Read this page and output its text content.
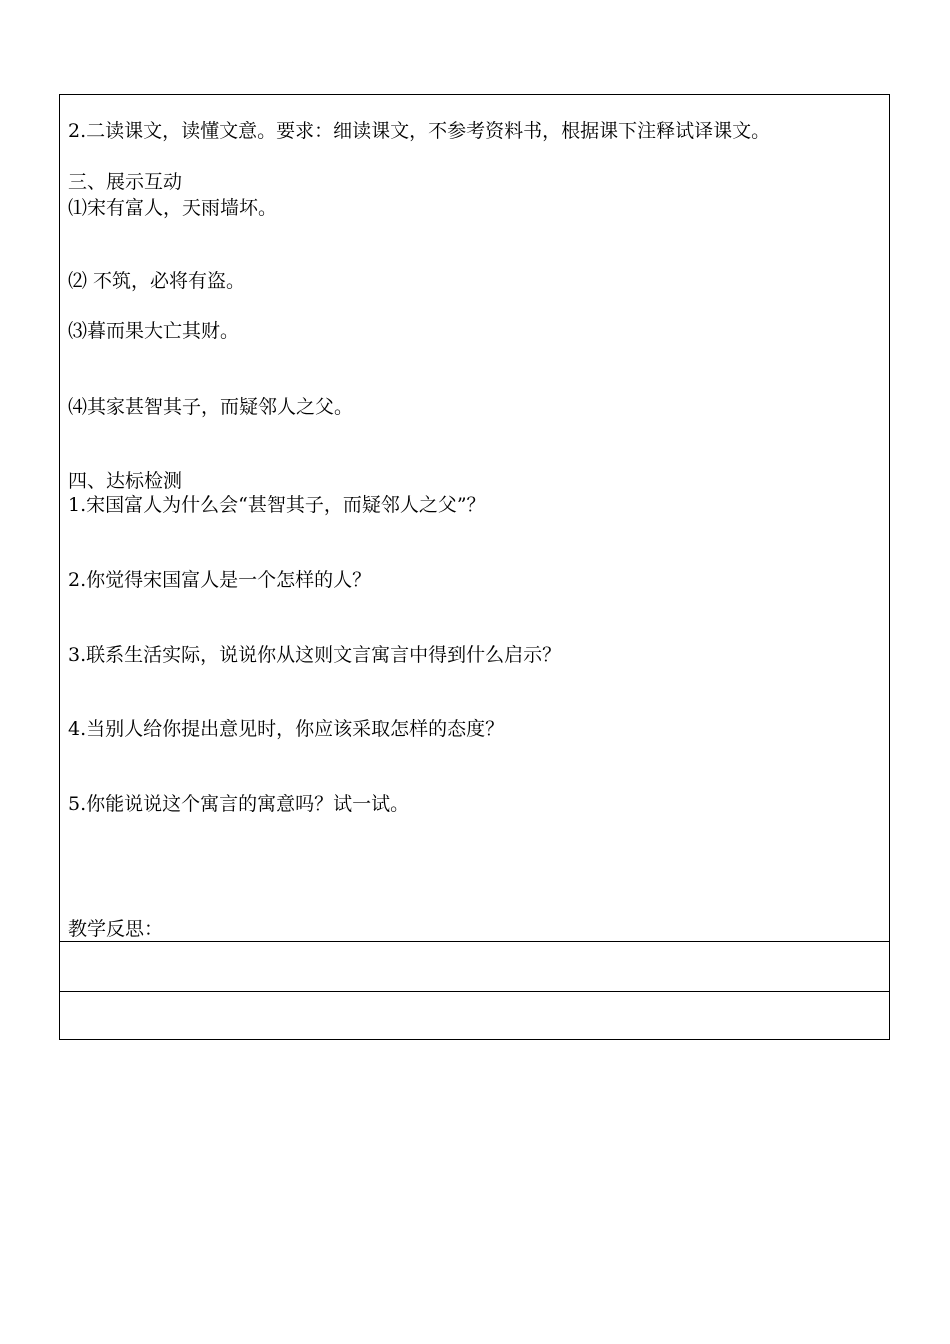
2.二读课文，读懂文意。要求：细读课文，不参考资料书，根据课下注释试译课文。
三、展示互动
⑴宋有富人，天雨墙坏。
⑵ 不筑，必将有盗。
⑶暮而果大亡其财。
⑷其家甚智其子，而疑邻人之父。
四、达标检测
1.宋国富人为什么会“甚智其子，而疑邻人之父”？
2.你觉得宋国富人是一个怎样的人？
3.联系生活实际，说说你从这则文言寓言中得到什么启示？
4.当别人给你提出意见时，你应该采取怎样的态度？
5.你能说说这个寓言的寓意吗？试一试。
教学反思：
